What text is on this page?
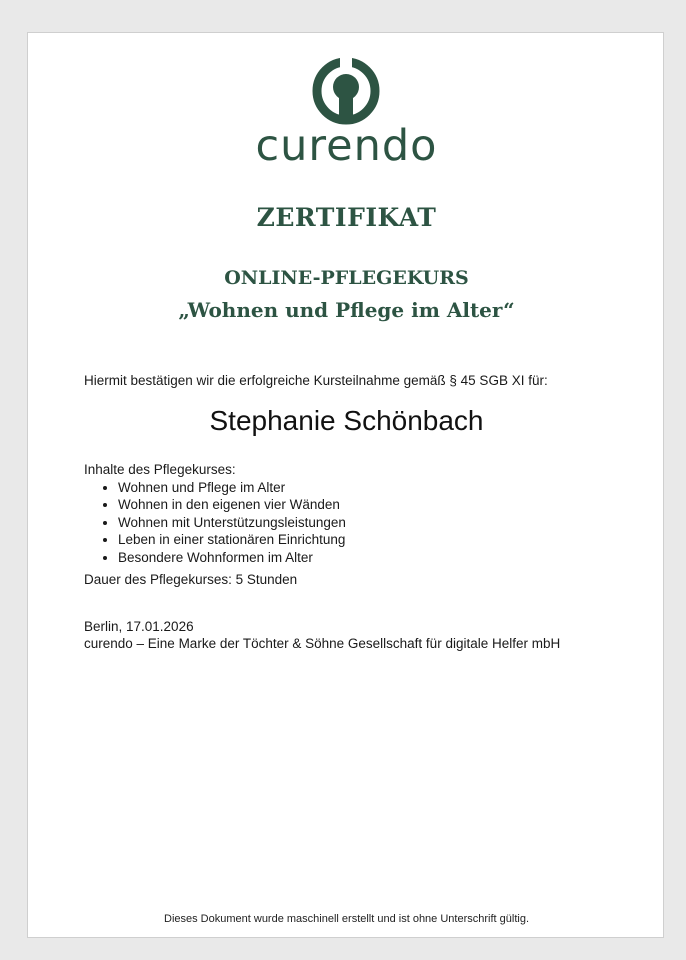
curendo
ZERTIFIKAT
ONLINE-PFLEGEKURS
„Wohnen und Pflege im Alter“
Hiermit bestätigen wir die erfolgreiche Kursteilnahme gemäß § 45 SGB XI für:
Stephanie Schönbach
Inhalte des Pflegekurses:
• Wohnen und Pflege im Alter
• Wohnen in den eigenen vier Wänden
• Wohnen mit Unterstützungsleistungen
• Leben in einer stationären Einrichtung
• Besondere Wohnformen im Alter
Dauer des Pflegekurses: 5 Stunden
Berlin, 17.01.2026
curendo – Eine Marke der Töchter & Söhne Gesellschaft für digitale Helfer mbH
Dieses Dokument wurde maschinell erstellt und ist ohne Unterschrift gültig.
